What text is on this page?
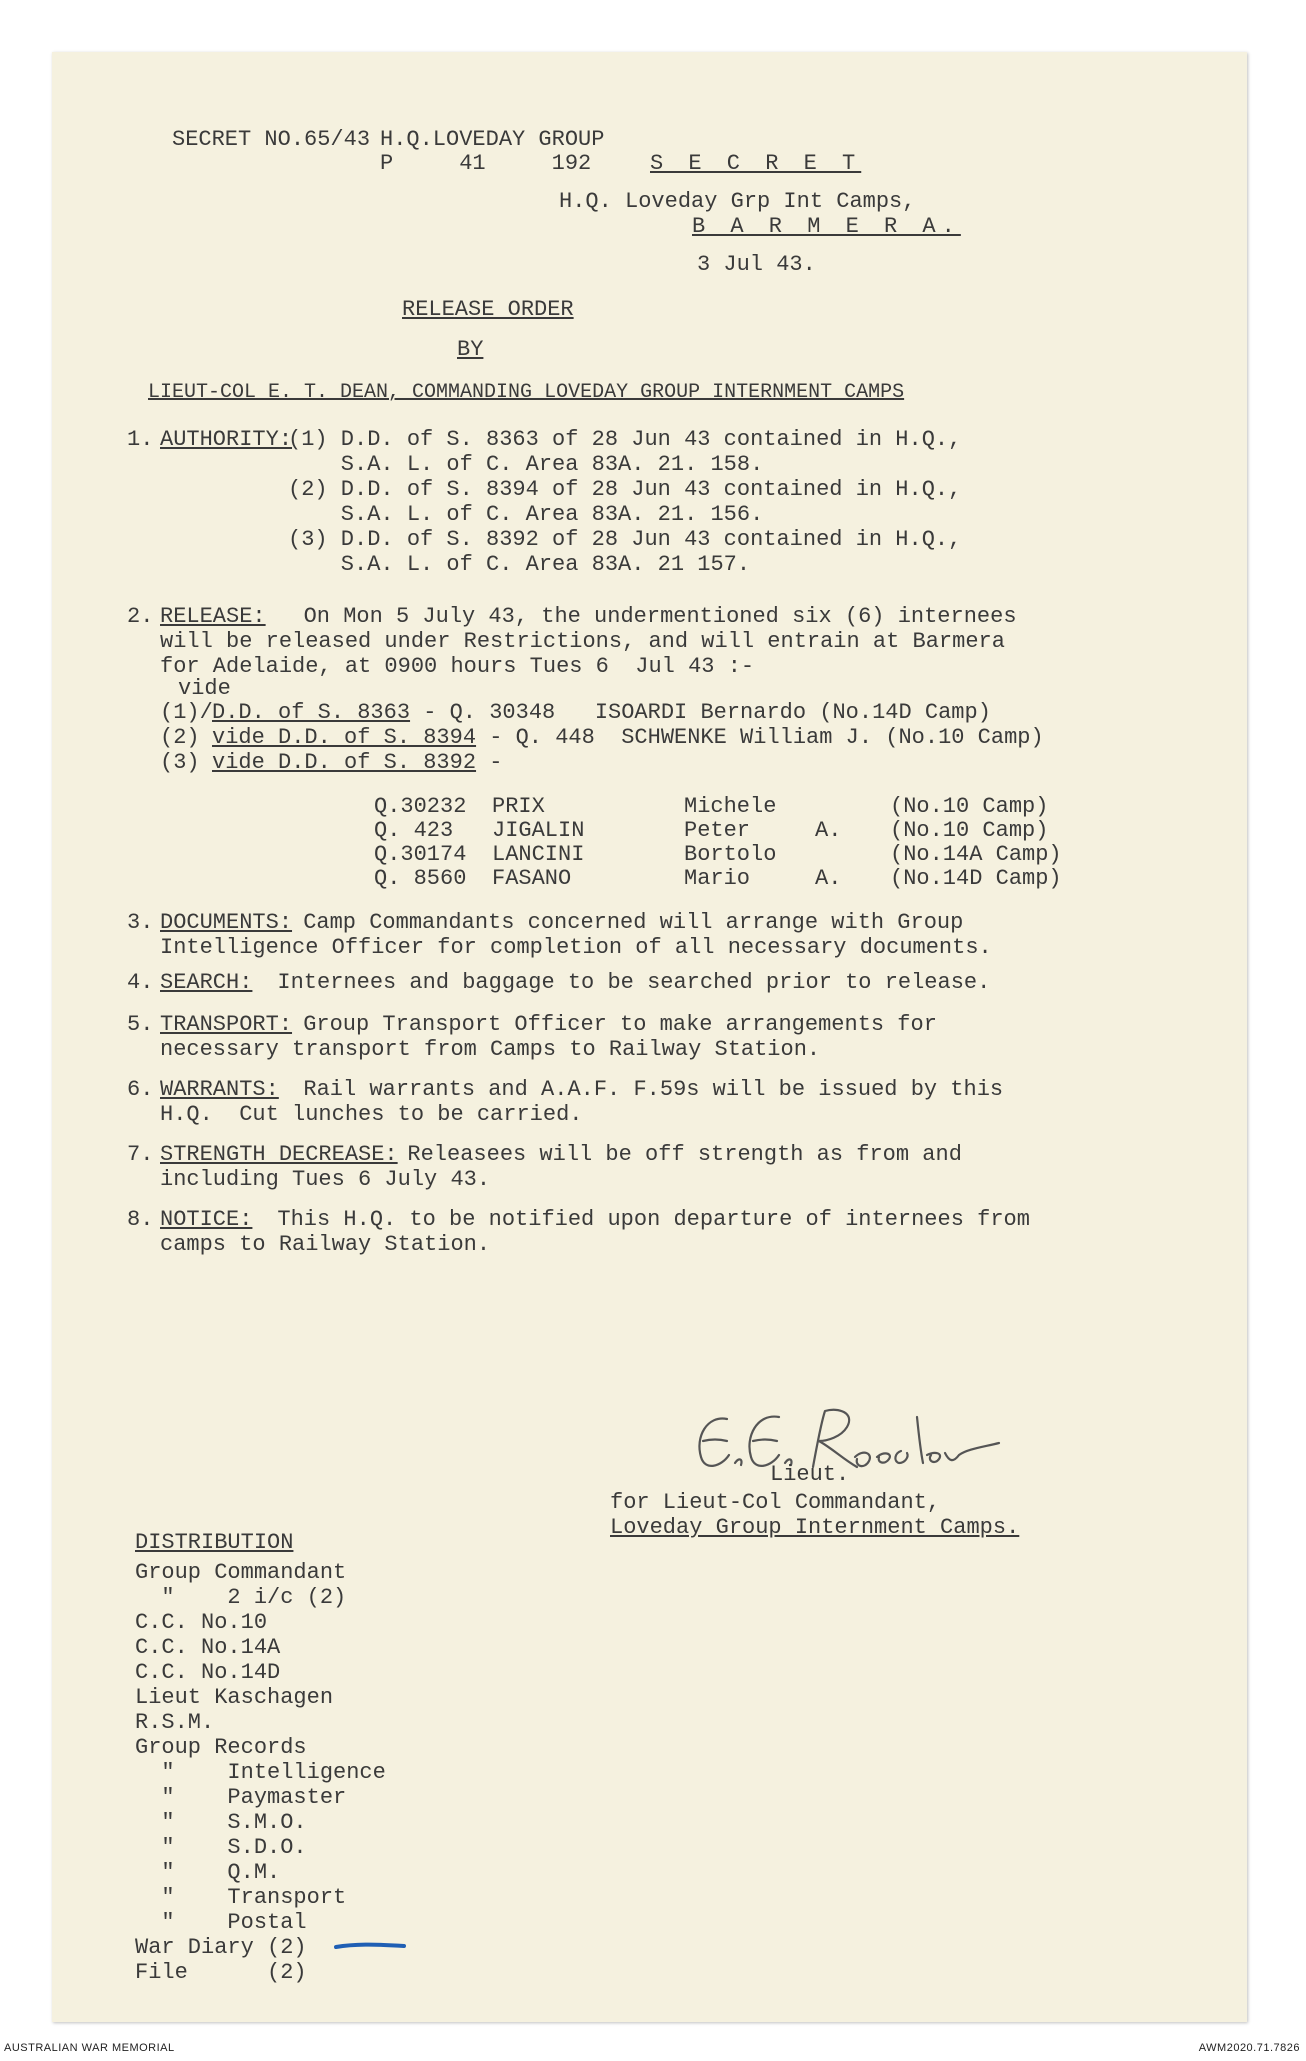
SECRET NO.65/43 H.Q.LOVEDAY GROUP
P     41     192	S E C R E T
H.Q. Loveday Grp Int Camps,
B A R M E R A.
3 Jul 43.
RELEASE ORDER
BY
LIEUT-COL E. T. DEAN, COMMANDING LOVEDAY GROUP INTERNMENT CAMPS
1. AUTHORITY:
(1) D.D. of S. 8363 of 28 Jun 43 contained in H.Q.,
S.A. L. of C. Area 83A. 21. 158.
(2) D.D. of S. 8394 of 28 Jun 43 contained in H.Q.,
S.A. L. of C. Area 83A. 21. 156.
(3) D.D. of S. 8392 of 28 Jun 43 contained in H.Q.,
S.A. L. of C. Area 83A. 21 157.
2. RELEASE:
On Mon 5 July 43, the undermentioned six (6) internees
will be released under Restrictions, and will entrain at Barmera
for Adelaide, at 0900 hours Tues 6  Jul 43 :-
vide
(1)/ D.D. of S. 8363 - Q. 30348   ISOARDI Bernardo (No.14D Camp)
(2) vide D.D. of S. 8394 - Q. 448  SCHWENKE William J. (No.10 Camp)
(3) vide D.D. of S. 8392 -
Q.30232 PRIX	Michele	(No.10 Camp)
Q. 423 JIGALIN	Peter	A. (No.10 Camp)
Q.30174 LANCINI	Bortolo	(No.14A Camp)
Q. 8560 FASANO	Mario	A. (No.14D Camp)
3. DOCUMENTS:
Camp Commandants concerned will arrange with Group
Intelligence Officer for completion of all necessary documents.
4. SEARCH:
Internees and baggage to be searched prior to release.
5. TRANSPORT:
Group Transport Officer to make arrangements for
necessary transport from Camps to Railway Station.
6. WARRANTS:
Rail warrants and A.A.F. F.59s will be issued by this
H.Q.  Cut lunches to be carried.
7. STRENGTH DECREASE:
Releasees will be off strength as from and
including Tues 6 July 43.
8. NOTICE:
This H.Q. to be notified upon departure of internees from
camps to Railway Station.
Lieut.
for Lieut-Col Commandant,
Loveday Group Internment Camps.
DISTRIBUTION
Group Commandant
"    2 i/c (2)
C.C. No.10
C.C. No.14A
C.C. No.14D
Lieut Kaschagen
R.S.M.
Group Records
"    Intelligence
"    Paymaster
"    S.M.O.
"    S.D.O.
"    Q.M.
"    Transport
"    Postal
War Diary (2)
File      (2)
AUSTRALIAN WAR MEMORIAL	AWM2020.71.7826
